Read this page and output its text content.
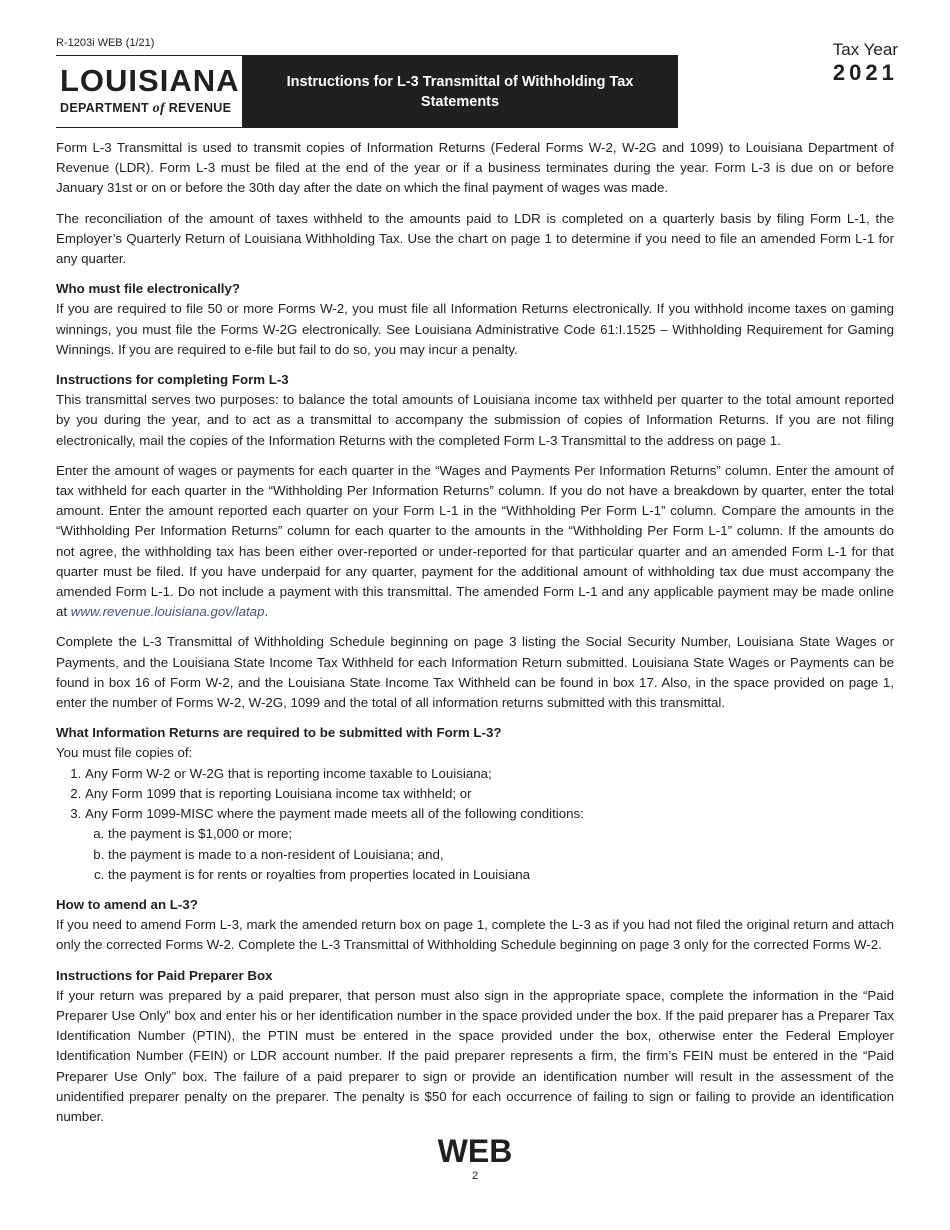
R-1203i WEB (1/21)	Tax Year
2021
LOUISIANA
DEPARTMENT of REVENUE
Instructions for L-3 Transmittal of Withholding Tax Statements

Form L-3 Transmittal is used to transmit copies of Information Returns (Federal Forms W-2, W-2G and 1099) to Louisiana Department of Revenue (LDR). Form L-3 must be filed at the end of the year or if a business terminates during the year. Form L-3 is due on or before January 31st or on or before the 30th day after the date on which the final payment of wages was made.

The reconciliation of the amount of taxes withheld to the amounts paid to LDR is completed on a quarterly basis by filing Form L-1, the Employer’s Quarterly Return of Louisiana Withholding Tax. Use the chart on page 1 to determine if you need to file an amended Form L-1 for any quarter.

Who must file electronically?

If you are required to file 50 or more Forms W-2, you must file all Information Returns electronically. If you withhold income taxes on gaming winnings, you must file the Forms W-2G electronically. See Louisiana Administrative Code 61:I.1525 – Withholding Requirement for Gaming Winnings. If you are required to e-file but fail to do so, you may incur a penalty.

Instructions for completing Form L-3

This transmittal serves two purposes: to balance the total amounts of Louisiana income tax withheld per quarter to the total amount reported by you during the year, and to act as a transmittal to accompany the submission of copies of Information Returns. If you are not filing electronically, mail the copies of the Information Returns with the completed Form L-3 Transmittal to the address on page 1.

Enter the amount of wages or payments for each quarter in the “Wages and Payments Per Information Returns” column. Enter the amount of tax withheld for each quarter in the “Withholding Per Information Returns” column. If you do not have a breakdown by quarter, enter the total amount. Enter the amount reported each quarter on your Form L-1 in the “Withholding Per Form L-1” column. Compare the amounts in the “Withholding Per Information Returns” column for each quarter to the amounts in the “Withholding Per Form L-1” column. If the amounts do not agree, the withholding tax has been either over-reported or under-reported for that particular quarter and an amended Form L-1 for that quarter must be filed. If you have underpaid for any quarter, payment for the additional amount of withholding tax due must accompany the amended Form L-1. Do not include a payment with this transmittal. The amended Form L-1 and any applicable payment may be made online at www.revenue.louisiana.gov/latap.

Complete the L-3 Transmittal of Withholding Schedule beginning on page 3 listing the Social Security Number, Louisiana State Wages or Payments, and the Louisiana State Income Tax Withheld for each Information Return submitted. Louisiana State Wages or Payments can be found in box 16 of Form W-2, and the Louisiana State Income Tax Withheld can be found in box 17. Also, in the space provided on page 1, enter the number of Forms W-2, W-2G, 1099 and the total of all information returns submitted with this transmittal.

What Information Returns are required to be submitted with Form L-3?
You must file copies of:
1. Any Form W-2 or W-2G that is reporting income taxable to Louisiana;
2. Any Form 1099 that is reporting Louisiana income tax withheld; or
3. Any Form 1099-MISC where the payment made meets all of the following conditions:
a. the payment is $1,000 or more;
b. the payment is made to a non-resident of Louisiana; and,
c. the payment is for rents or royalties from properties located in Louisiana
How to amend an L-3?

If you need to amend Form L-3, mark the amended return box on page 1, complete the L-3 as if you had not filed the original return and attach only the corrected Forms W-2. Complete the L-3 Transmittal of Withholding Schedule beginning on page 3 only for the corrected Forms W-2.

Instructions for Paid Preparer Box

If your return was prepared by a paid preparer, that person must also sign in the appropriate space, complete the information in the “Paid Preparer Use Only” box and enter his or her identification number in the space provided under the box. If the paid preparer has a Preparer Tax Identification Number (PTIN), the PTIN must be entered in the space provided under the box, otherwise enter the Federal Employer Identification Number (FEIN) or LDR account number. If the paid preparer represents a firm, the firm’s FEIN must be entered in the “Paid Preparer Use Only” box. The failure of a paid preparer to sign or provide an identification number will result in the assessment of the unidentified preparer penalty on the preparer. The penalty is $50 for each occurrence of failing to sign or failing to provide an identification number.

WEB
2
